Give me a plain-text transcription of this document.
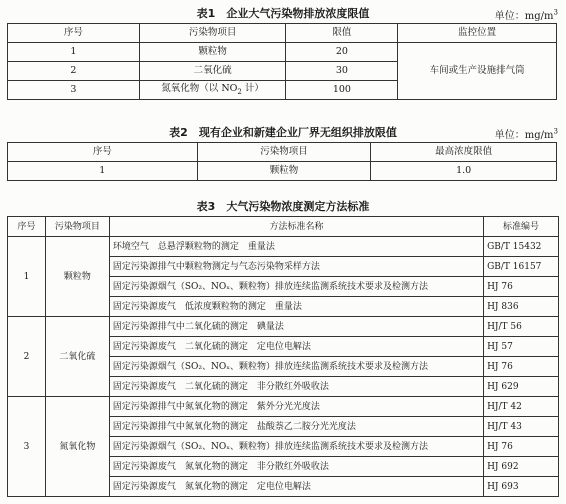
表1　企业大气污染物排放浓度限值	单位：$mg/m^3$
序号	污染物项目	限值	监控位置
1	颗粒物	20	车间或生产设施排气筒
2	二氧化硫	30	
3	氮氧化物（以 $NO_2$ 计）	100	
表2　现有企业和新建企业厂界无组织排放限值	单位：$mg/m^3$
序号	污染物项目	最高浓度限值
1	颗粒物	1.0
表3　大气污染物浓度测定方法标准
序号	污染物项目	方法标准名称	标准编号
1	颗粒物	环境空气　总悬浮颗粒物的测定　重量法	GB/T 15432
		固定污染源排气中颗粒物测定与气态污染物采样方法	GB/T 16157
		固定污染源烟气（SO₂、NOₓ、颗粒物）排放连续监测系统技术要求及检测方法	HJ 76
		固定污染源废气　低浓度颗粒物的测定　重量法	HJ 836
2	二氧化硫	固定污染源排气中二氧化硫的测定　碘量法	HJ/T 56
		固定污染源废气　二氧化硫的测定　定电位电解法	HJ 57
		固定污染源烟气（SO₂、NOₓ、颗粒物）排放连续监测系统技术要求及检测方法	HJ 76
		固定污染源废气　二氧化硫的测定　非分散红外吸收法	HJ 629
3	氮氧化物	固定污染源排气中氮氧化物的测定　紫外分光光度法	HJ/T 42
		固定污染源排气中氮氧化物的测定　盐酸萘乙二胺分光光度法	HJ/T 43
		固定污染源烟气（SO₂、NOₓ、颗粒物）排放连续监测系统技术要求及检测方法	HJ 76
		固定污染源废气　氮氧化物的测定　非分散红外吸收法	HJ 692
		固定污染源废气　氮氧化物的测定　定电位电解法	HJ 693
